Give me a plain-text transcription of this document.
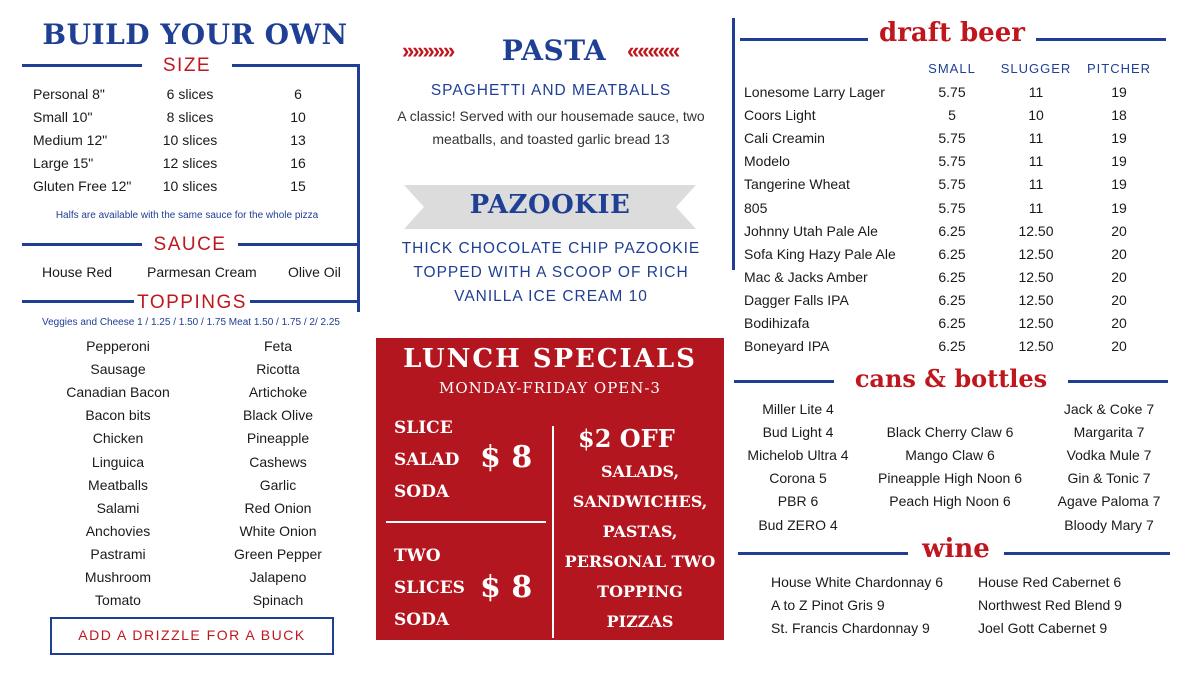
BUILD YOUR OWN
SIZE
Personal 8"	6 slices	6
Small 10"	8 slices	10
Medium 12"	10 slices	13
Large 15"	12 slices	16
Gluten Free 12"	10 slices	15
Halfs are available with the same sauce for the whole pizza
SAUCE
House Red Parmesan Cream Olive Oil
TOPPINGS
Veggies and Cheese 1 / 1.25 / 1.50 / 1.75 Meat 1.50 / 1.75 / 2/ 2.25
Pepperoni
Sausage
Canadian Bacon
Bacon bits
Chicken
Linguica
Meatballs
Salami
Anchovies
Pastrami
Mushroom
Tomato
Feta
Ricotta
Artichoke
Black Olive
Pineapple
Cashews
Garlic
Red Onion
White Onion
Green Pepper
Jalapeno
Spinach
ADD A DRIZZLE FOR A BUCK
»»»»»	PASTA «««««
SPAGHETTI AND MEATBALLS
A classic! Served with our housemade sauce, two
meatballs, and toasted garlic bread 13
PAZOOKIE
THICK CHOCOLATE CHIP PAZOOKIE
TOPPED WITH A SCOOP OF RICH
VANILLA ICE CREAM 10
LUNCH SPECIALS
MONDAY-FRIDAY OPEN-3
SLICE
SALAD
SODA
$ 8
TWO
SLICES
SODA
$ 8
$2 OFF
SALADS,
SANDWICHES,
PASTAS,
PERSONAL TWO
TOPPING
PIZZAS
draft beer
SMALL	SLUGGER	PITCHER
Lonesome Larry Lager	5.75	11	19
Coors Light	5	10	18
Cali Creamin	5.75	11	19
Modelo	5.75	11	19
Tangerine Wheat	5.75	11	19
805	5.75	11	19
Johnny Utah Pale Ale	6.25	12.50	20
Sofa King Hazy Pale Ale	6.25	12.50	20
Mac & Jacks Amber	6.25	12.50	20
Dagger Falls IPA	6.25	12.50	20
Bodihizafa	6.25	12.50	20
Boneyard IPA	6.25	12.50	20
cans & bottles
Miller Lite 4
Bud Light 4
Michelob Ultra 4
Corona 5
PBR 6
Bud ZERO 4
Black Cherry Claw 6
Mango Claw 6
Pineapple High Noon 6
Peach High Noon 6
Jack & Coke 7
Margarita 7
Vodka Mule 7
Gin & Tonic 7
Agave Paloma 7
Bloody Mary 7
wine
House White Chardonnay 6
A to Z Pinot Gris 9
St. Francis Chardonnay 9
House Red Cabernet 6
Northwest Red Blend 9
Joel Gott Cabernet 9
